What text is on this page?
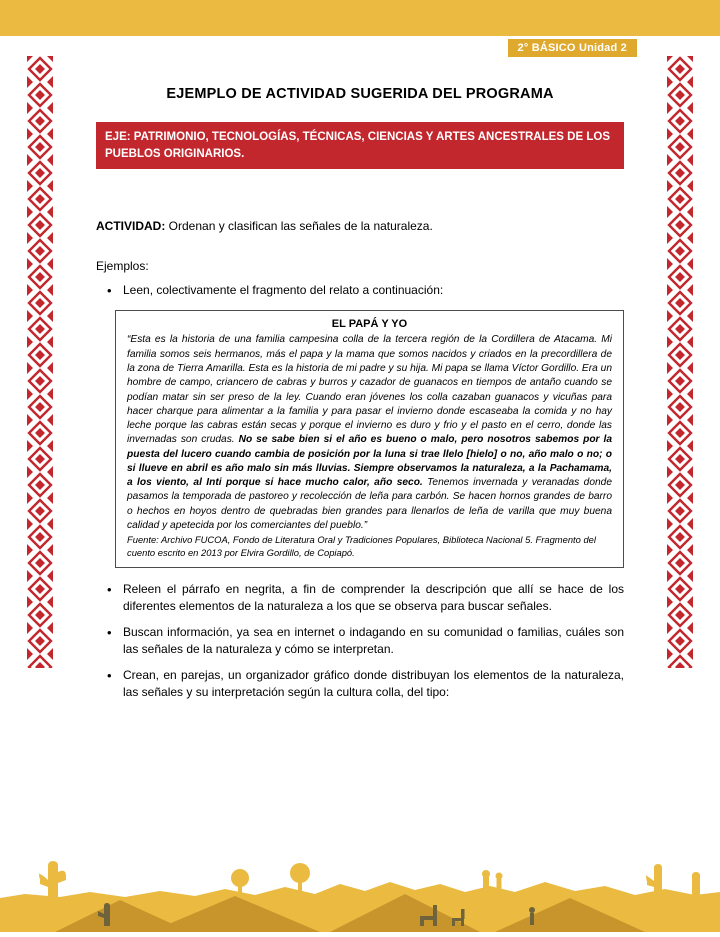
2° BÁSICO Unidad 2
EJEMPLO DE ACTIVIDAD SUGERIDA DEL PROGRAMA
EJE: PATRIMONIO, TECNOLOGÍAS, TÉCNICAS, CIENCIAS Y ARTES ANCESTRALES DE LOS PUEBLOS ORIGINARIOS.

ACTIVIDAD: Ordenan y clasifican las señales de la naturaleza.

Ejemplos:

• Leen, colectivamente el fragmento del relato a continuación:
EL PAPÁ Y YO

“Esta es la historia de una familia campesina colla de la tercera región de la Cordillera de Atacama. Mi familia somos seis hermanos, más el papa y la mama que somos nacidos y criados en la precordillera de la zona de Tierra Amarilla. Esta es la historia de mi padre y su hija. Mi papa se llama Víctor Gordillo. Era un hombre de campo, criancero de cabras y burros y cazador de guanacos en tiempos de antaño cuando se podían matar sin ser preso de la ley. Cuando eran jóvenes los colla cazaban guanacos y vicuñas para hacer charque para alimentar a la familia y para pasar el invierno donde escaseaba la comida y no hay leche porque las cabras están secas y porque el invierno es duro y frio y el pasto en el cerro, donde las invernadas son crudas. No se sabe bien si el año es bueno o malo, pero nosotros sabemos por la puesta del lucero cuando cambia de posición por la luna si trae llelo [hielo] o no, año malo o no; o si llueve en abril es año malo sin más lluvias. Siempre observamos la naturaleza, a la Pachamama, a los viento, al Inti porque si hace mucho calor, año seco. Tenemos invernada y veranadas donde pasamos la temporada de pastoreo y recolección de leña para carbón. Se hacen hornos grandes de barro o hechos en hoyos dentro de quebradas bien grandes para llenarlos de leña de varilla que muy buena calidad y apetecida por los comerciantes del pueblo.”

Fuente: Archivo FUCOA, Fondo de Literatura Oral y Tradiciones Populares, Biblioteca Nacional 5. Fragmento del cuento escrito en 2013 por Elvira Gordillo, de Copiapó.

• Releen el párrafo en negrita, a fin de comprender la descripción que allí se hace de los diferentes elementos de la naturaleza a los que se observa para buscar señales.
• Buscan información, ya sea en internet o indagando en su comunidad o familias, cuáles son las señales de la naturaleza y cómo se interpretan.
• Crean, en parejas, un organizador gráfico donde distribuyan los elementos de la naturaleza, las señales y su interpretación según la cultura colla, del tipo:
